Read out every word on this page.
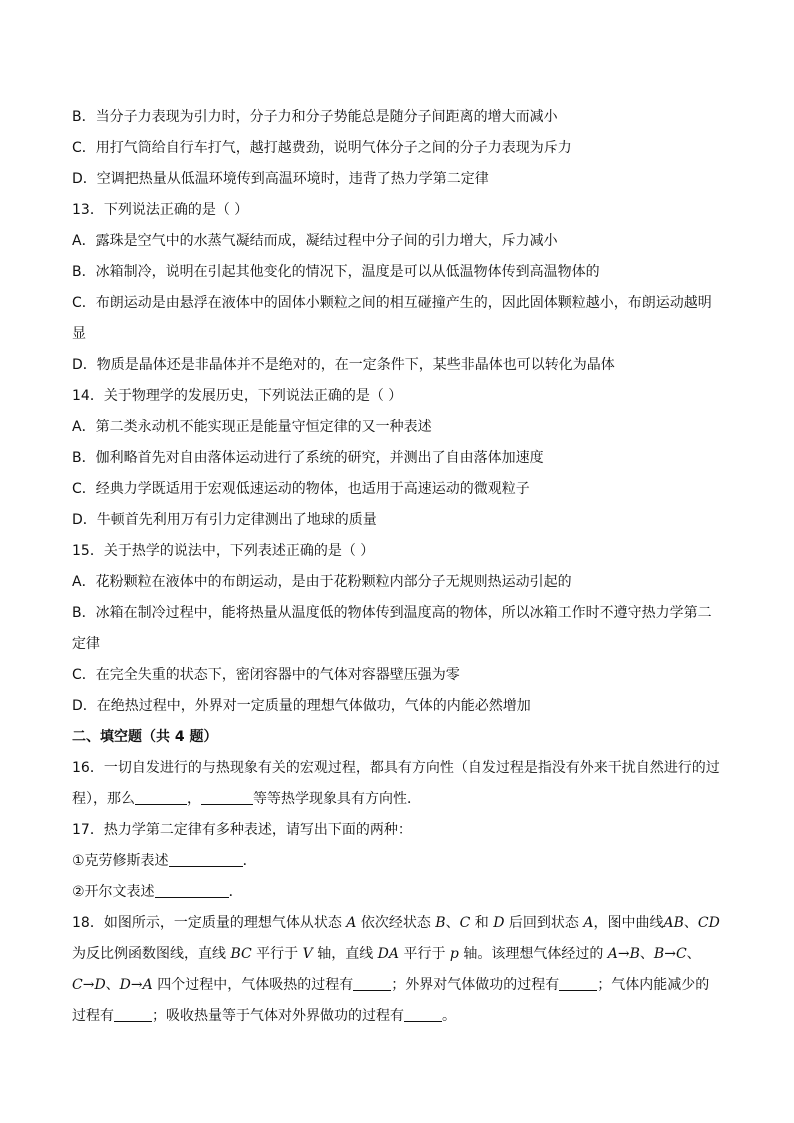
B．当分子力表现为引力时，分子力和分子势能总是随分子间距离的增大而减小
C．用打气筒给自行车打气，越打越费劲，说明气体分子之间的分子力表现为斥力
D．空调把热量从低温环境传到高温环境时，违背了热力学第二定律
13．下列说法正确的是（ ）
A．露珠是空气中的水蒸气凝结而成，凝结过程中分子间的引力增大，斥力减小
B．冰箱制冷，说明在引起其他变化的情况下，温度是可以从低温物体传到高温物体的
C．布朗运动是由悬浮在液体中的固体小颗粒之间的相互碰撞产生的，因此固体颗粒越小，布朗运动越明显
D．物质是晶体还是非晶体并不是绝对的，在一定条件下，某些非晶体也可以转化为晶体
14．关于物理学的发展历史，下列说法正确的是（ ）
A．第二类永动机不能实现正是能量守恒定律的又一种表述
B．伽利略首先对自由落体运动进行了系统的研究，并测出了自由落体加速度
C．经典力学既适用于宏观低速运动的物体，也适用于高速运动的微观粒子
D．牛顿首先利用万有引力定律测出了地球的质量
15．关于热学的说法中，下列表述正确的是（ ）
A．花粉颗粒在液体中的布朗运动，是由于花粉颗粒内部分子无规则热运动引起的
B．冰箱在制冷过程中，能将热量从温度低的物体传到温度高的物体，所以冰箱工作时不遵守热力学第二定律
C．在完全失重的状态下，密闭容器中的气体对容器壁压强为零
D．在绝热过程中，外界对一定质量的理想气体做功，气体的内能必然增加
二、填空题（共 4 题）
16．一切自发进行的与热现象有关的宏观过程，都具有方向性（自发过程是指没有外来干扰自然进行的过程），那么	，	等等热学现象具有方向性．
17．热力学第二定律有多种表述，请写出下面的两种：
①克劳修斯表述	．
②开尔文表述	．
18．如图所示，一定质量的理想气体从状态 A 依次经状态 B、C 和 D 后回到状态 A，图中曲线AB、CD 为反比例函数图线，直线 BC 平行于 V 轴，直线 DA 平行于 p 轴。该理想气体经过的 A→B、B→C、C→D、D→A 四个过程中，气体吸热的过程有	；外界对气体做功的过程有	；气体内能减少的过程有	；吸收热量等于气体对外界做功的过程有	。
